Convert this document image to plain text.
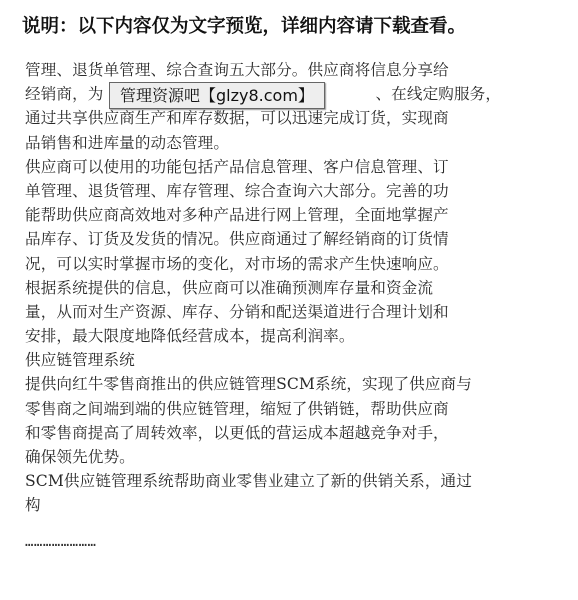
说明：以下内容仅为文字预览，详细内容请下载查看。
管理、退货单管理、综合查询五大部分。供应商将信息分享给
经销商，为	、在线定购服务，
通过共享供应商生产和库存数据，可以迅速完成订货，实现商
品销售和进库量的动态管理。
供应商可以使用的功能包括产品信息管理、客户信息管理、订
单管理、退货管理、库存管理、综合查询六大部分。完善的功
能帮助供应商高效地对多种产品进行网上管理，全面地掌握产
品库存、订货及发货的情况。供应商通过了解经销商的订货情
况，可以实时掌握市场的变化，对市场的需求产生快速响应。
根据系统提供的信息，供应商可以准确预测库存量和资金流
量，从而对生产资源、库存、分销和配送渠道进行合理计划和
安排，最大限度地降低经营成本，提高利润率。
供应链管理系统
提供向红牛零售商推出的供应链管理SCM系统，实现了供应商与
零售商之间端到端的供应链管理，缩短了供销链，帮助供应商
和零售商提高了周转效率，以更低的营运成本超越竞争对手，
确保领先优势。
SCM供应链管理系统帮助商业零售业建立了新的供销关系，通过
构
管理资源吧【glzy8.com】
……………………
